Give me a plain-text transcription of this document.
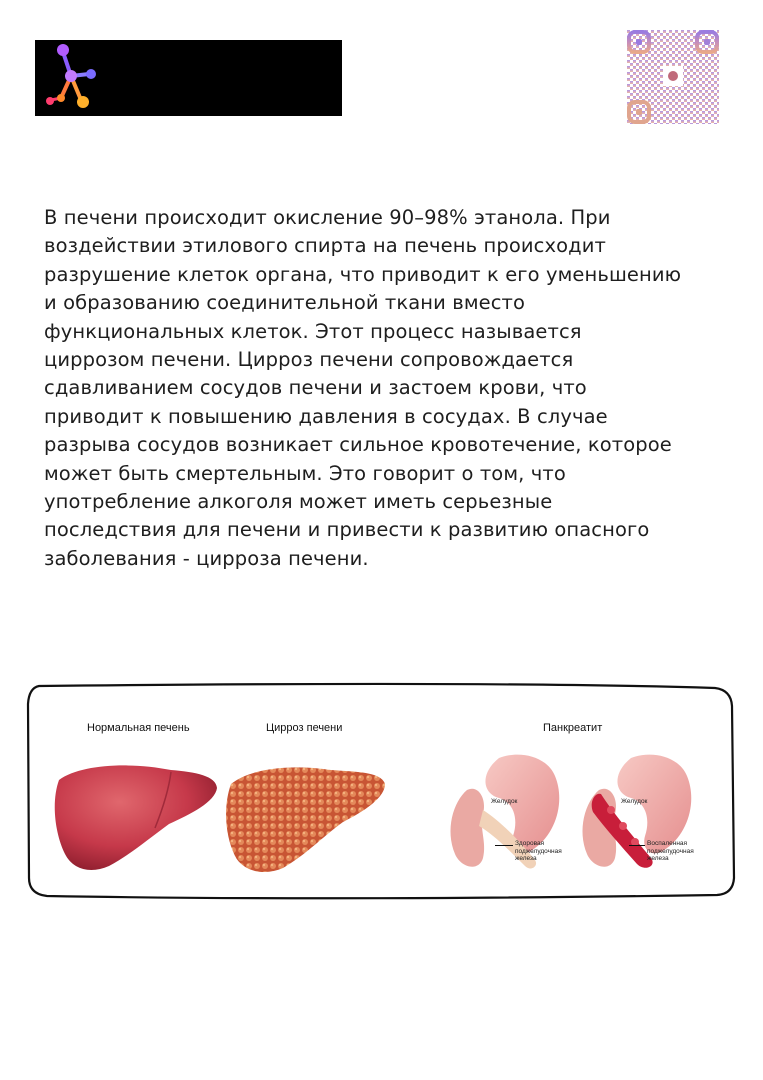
В печени происходит окисление 90–98% этанола. При
воздействии этилового спирта на печень происходит
разрушение клеток органа, что приводит к его уменьшению
и образованию соединительной ткани вместо
функциональных клеток. Этот процесс называется
циррозом печени. Цирроз печени сопровождается
сдавливанием сосудов печени и застоем крови, что
приводит к повышению давления в сосудах. В случае
разрыва сосудов возникает сильное кровотечение, которое
может быть смертельным. Это говорит о том, что
употребление алкоголя может иметь серьезные
последствия для печени и привести к развитию опасного
заболевания - цирроза печени.

Нормальная печень	Цирроз печени	Панкреатит
Желудок
Здоровая
поджелудочная
железа
Желудок
Воспаленная
поджелудочная
железа
